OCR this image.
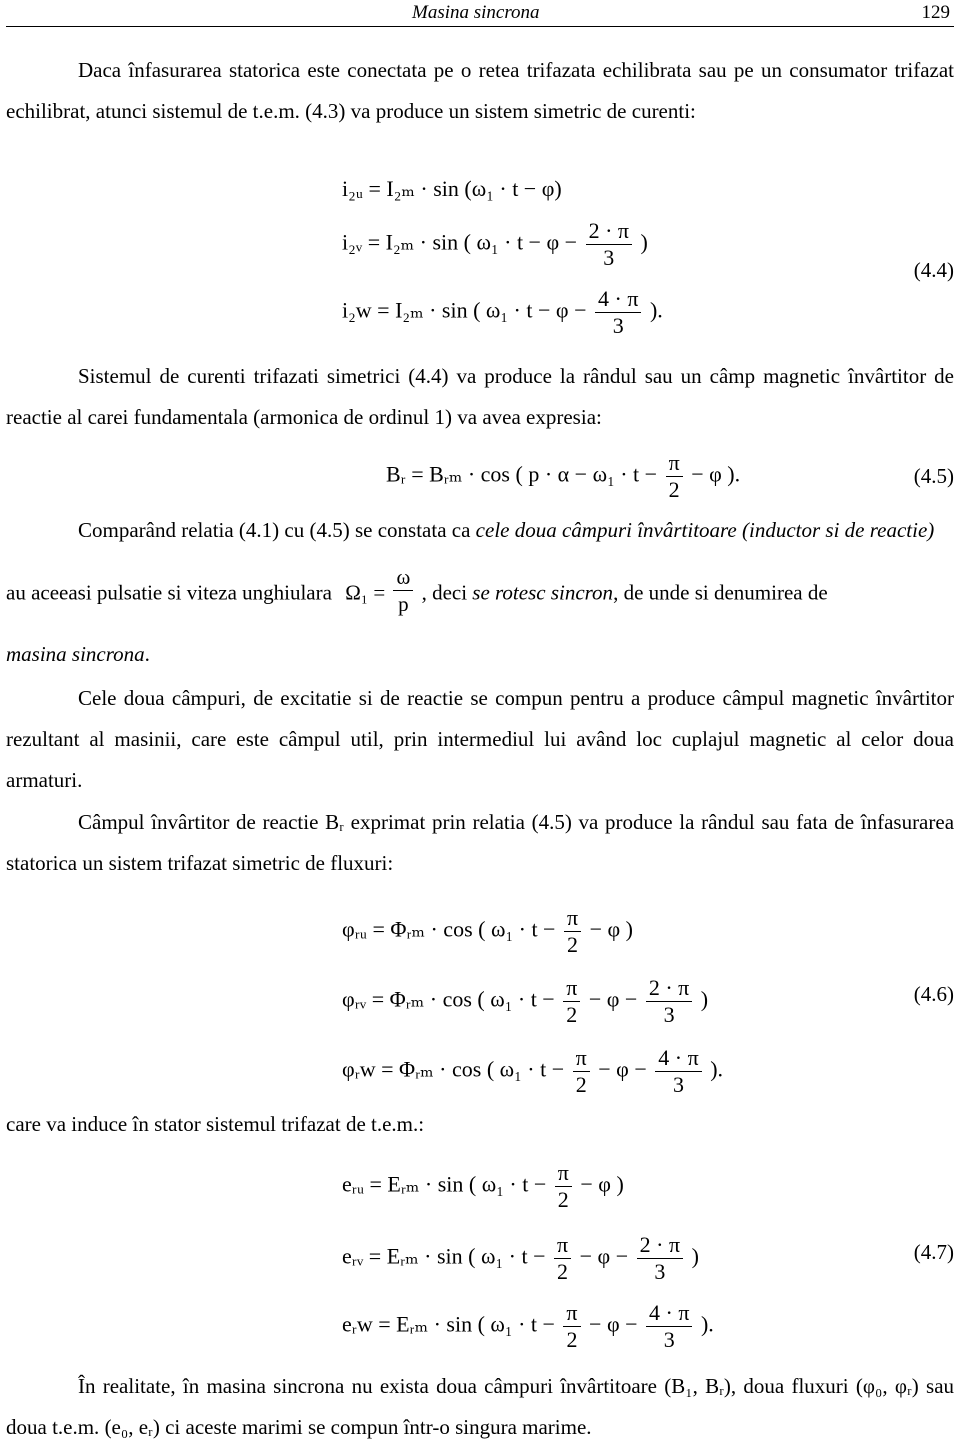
Masina sincrona	129
Daca înfasurarea statorica este conectata pe o retea trifazata echilibrata sau pe un consumator trifazat echilibrat, atunci sistemul de t.e.m. (4.3) va produce un sistem simetric de curenti:
i₂ᵤ = I₂ₘ · sin (ω₁ · t − φ)
i₂ᵥ = I₂ₘ · sin ( $\omega_1 \cdot t - \varphi - \frac{2 \cdot \pi}{3}$ )
(4.4)
i₂w = I₂ₘ · sin ( $\omega_1 \cdot t - \varphi - \frac{4 \cdot \pi}{3}$ ).
Sistemul de curenti trifazati simetrici (4.4) va produce la rândul sau un câmp magnetic învârtitor de reactie al carei fundamentala (armonica de ordinul 1) va avea expresia:
Bᵣ = Bᵣₘ · cos ( $p \cdot \alpha - \omega_1 \cdot t - \frac{\pi}{2} - \varphi$ ).	(4.5)
Comparând relatia (4.1) cu (4.5) se constata ca cele doua câmpuri învârtitoare (inductor si de reactie)
au aceeasi pulsatie si viteza unghiulara $\Omega_1 = \frac{\omega}{p}$ , deci se rotesc sincron, de unde si denumirea de
masina sincrona.
Cele doua câmpuri, de excitatie si de reactie se compun pentru a produce câmpul magnetic învârtitor rezultant al masinii, care este câmpul util, prin intermediul lui având loc cuplajul magnetic al celor doua armaturi.
Câmpul învârtitor de reactie Bᵣ exprimat prin relatia (4.5) va produce la rândul sau fata de înfasurarea statorica un sistem trifazat simetric de fluxuri:
φᵣᵤ = Φᵣₘ · cos ( $\omega_1 \cdot t - \frac{\pi}{2} - \varphi$ )
φᵣᵥ = Φᵣₘ · cos ( $\omega_1 \cdot t - \frac{\pi}{2} - \varphi - \frac{2 \cdot \pi}{3}$ )	(4.6)
φᵣw = Φᵣₘ · cos ( $\omega_1 \cdot t - \frac{\pi}{2} - \varphi - \frac{4 \cdot \pi}{3}$ ).
care va induce în stator sistemul trifazat de t.e.m.:
eᵣᵤ = Eᵣₘ · sin ( $\omega_1 \cdot t - \frac{\pi}{2} - \varphi$ )
eᵣᵥ = Eᵣₘ · sin ( $\omega_1 \cdot t - \frac{\pi}{2} - \varphi - \frac{2 \cdot \pi}{3}$ )	(4.7)
eᵣw = Eᵣₘ · sin ( $\omega_1 \cdot t - \frac{\pi}{2} - \varphi - \frac{4 \cdot \pi}{3}$ ).
În realitate, în masina sincrona nu exista doua câmpuri învârtitoare (B₁, Bᵣ), doua fluxuri (φ₀, φᵣ) sau doua t.e.m. (e₀, eᵣ) ci aceste marimi se compun într-o singura marime.
